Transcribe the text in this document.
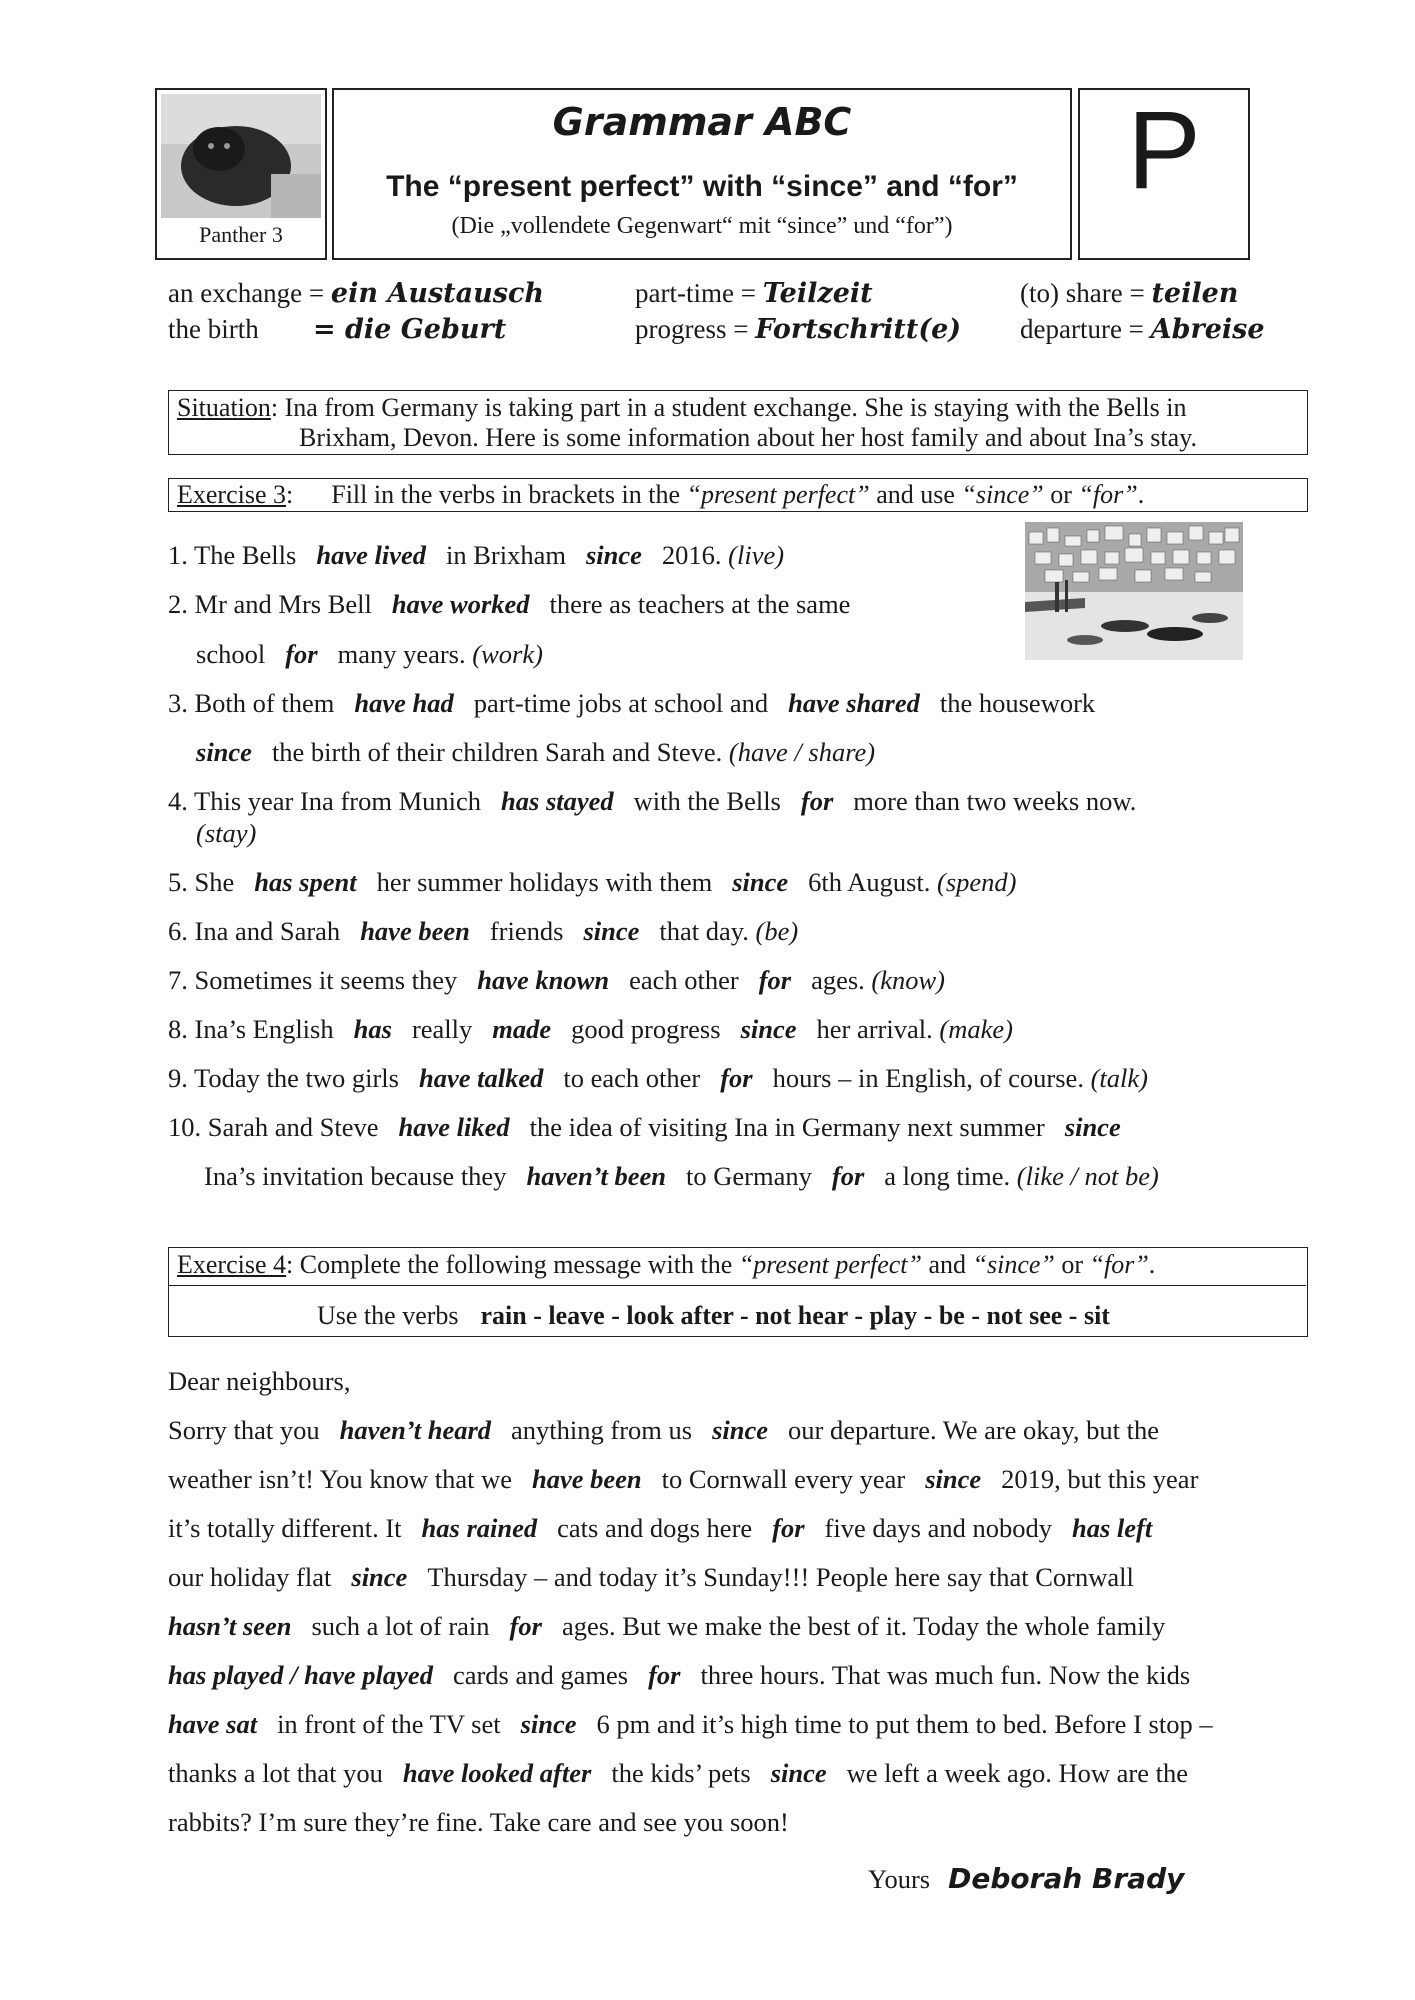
Panther 3
Grammar ABC
The “present perfect” with “since” and “for”
(Die „vollendete Gegenwart“ mit “since” und “for”)
P
an exchange = ein Austausch
the birth = die Geburt
part-time = Teilzeit
progress = Fortschritt(e)
(to) share = teilen
departure = Abreise
Situation: Ina from Germany is taking part in a student exchange. She is staying with the Bells in
Brixham, Devon. Here is some information about her host family and about Ina’s stay.
Exercise 3: Fill in the verbs in brackets in the “present perfect” and use “since” or “for”.
1. The Bells have lived in Brixham since 2016. (live)
2. Mr and Mrs Bell have worked there as teachers at the same
school for many years. (work)
3. Both of them have had part-time jobs at school and have shared the housework
since the birth of their children Sarah and Steve. (have / share)
4. This year Ina from Munich has stayed with the Bells for more than two weeks now.
(stay)
5. She has spent her summer holidays with them since 6th August. (spend)
6. Ina and Sarah have been friends since that day. (be)
7. Sometimes it seems they have known each other for ages. (know)
8. Ina’s English has really made good progress since her arrival. (make)
9. Today the two girls have talked to each other for hours – in English, of course. (talk)
10. Sarah and Steve have liked the idea of visiting Ina in Germany next summer since
Ina’s invitation because they haven’t been to Germany for a long time. (like / not be)
Exercise 4: Complete the following message with the “present perfect” and “since” or “for”.
Use the verbs rain - leave - look after - not hear - play - be - not see - sit
Dear neighbours,
Sorry that you haven’t heard anything from us since our departure. We are okay, but the
weather isn’t! You know that we have been to Cornwall every year since 2019, but this year
it’s totally different. It has rained cats and dogs here for five days and nobody has left
our holiday flat since Thursday – and today it’s Sunday!!! People here say that Cornwall
hasn’t seen such a lot of rain for ages. But we make the best of it. Today the whole family
has played / have played cards and games for three hours. That was much fun. Now the kids
have sat in front of the TV set since 6 pm and it’s high time to put them to bed. Before I stop –
thanks a lot that you have looked after the kids’ pets since we left a week ago. How are the
rabbits? I’m sure they’re fine. Take care and see you soon!
Yours Deborah Brady
